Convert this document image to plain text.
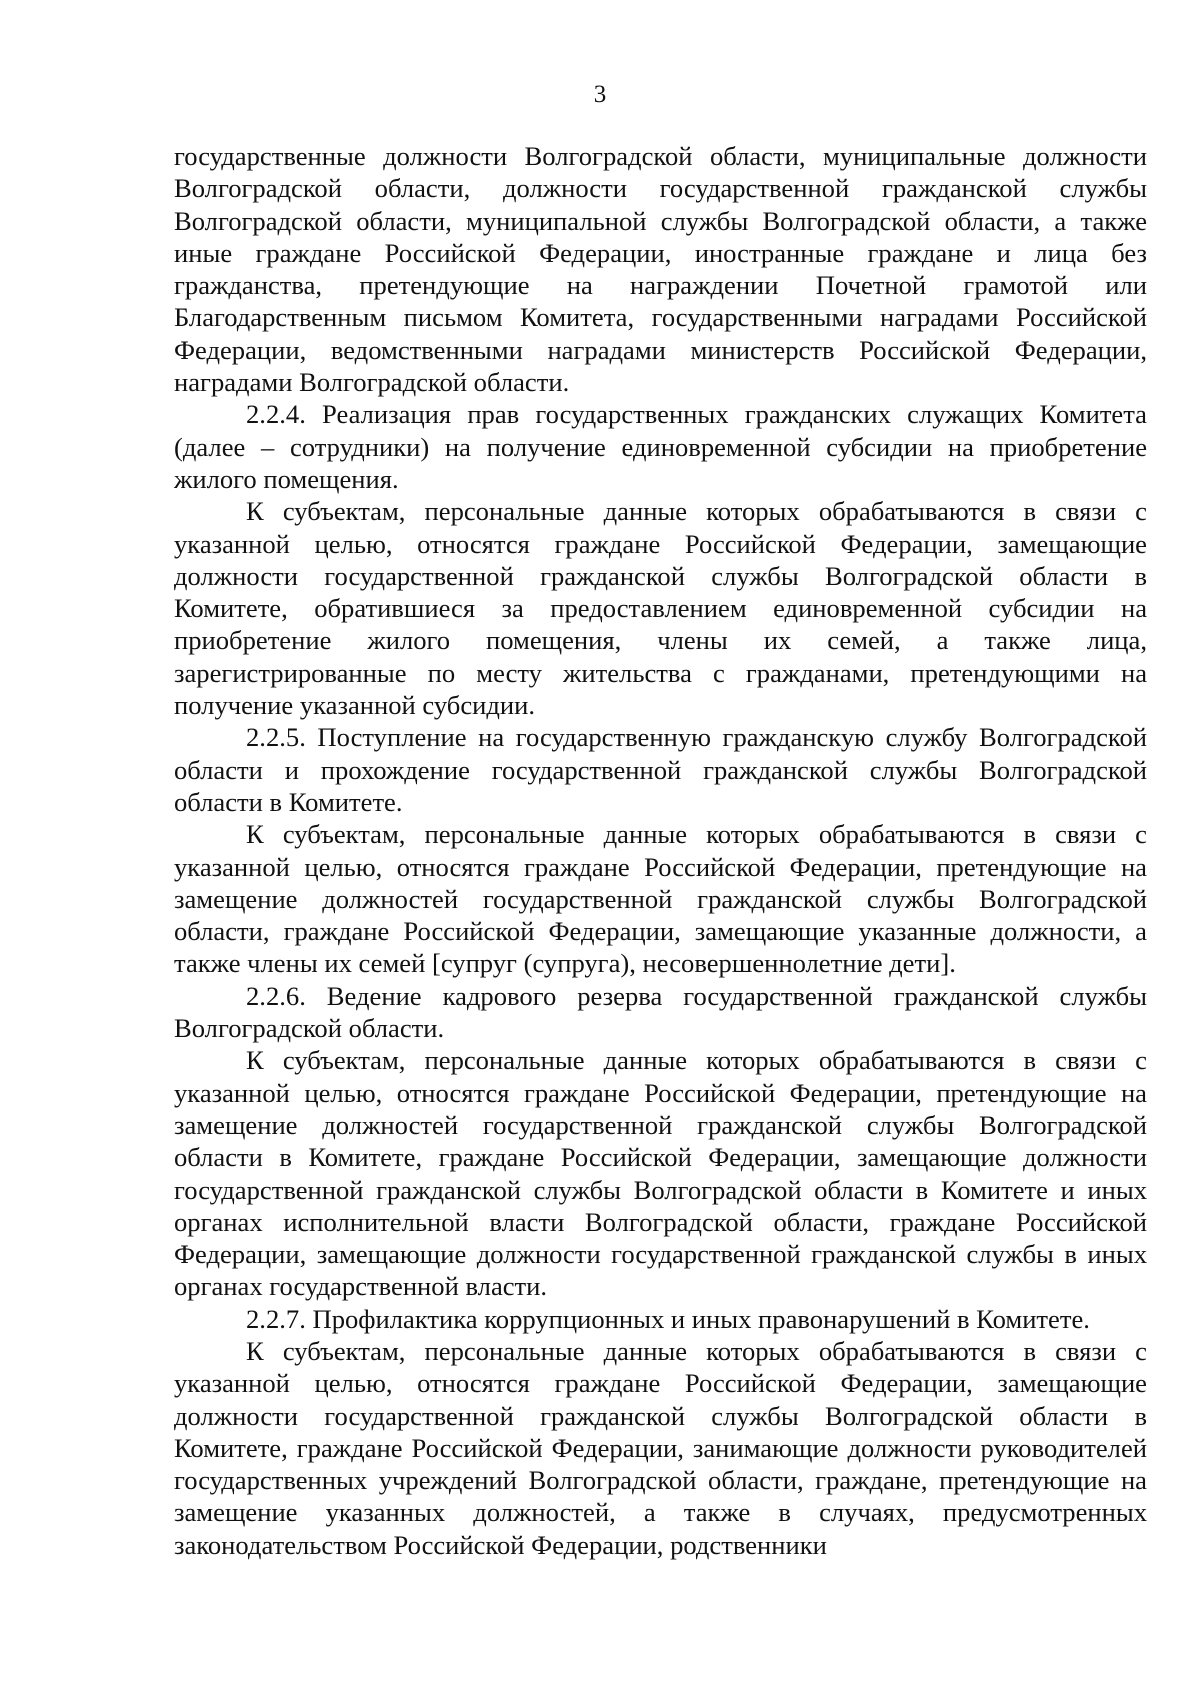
3

государственные должности Волгоградской области, муниципальные должности Волгоградской области, должности государственной гражданской службы Волгоградской области, муниципальной службы Волгоградской области, а также иные граждане Российской Федерации, иностранные граждане и лица без гражданства, претендующие на награждении Почетной грамотой или Благодарственным письмом Комитета, государственными наградами Российской Федерации, ведомственными наградами министерств Российской Федерации, наградами Волгоградской области.

2.2.4. Реализация прав государственных гражданских служащих Комитета (далее – сотрудники) на получение единовременной субсидии на приобретение жилого помещения.

К субъектам, персональные данные которых обрабатываются в связи с указанной целью, относятся граждане Российской Федерации, замещающие должности государственной гражданской службы Волгоградской области в Комитете, обратившиеся за предоставлением единовременной субсидии на приобретение жилого помещения, члены их семей, а также лица, зарегистрированные по месту жительства с гражданами, претендующими на получение указанной субсидии.

2.2.5. Поступление на государственную гражданскую службу Волгоградской области и прохождение государственной гражданской службы Волгоградской области в Комитете.

К субъектам, персональные данные которых обрабатываются в связи с указанной целью, относятся граждане Российской Федерации, претендующие на замещение должностей государственной гражданской службы Волгоградской области, граждане Российской Федерации, замещающие указанные должности, а также члены их семей [супруг (супруга), несовершеннолетние дети].

2.2.6. Ведение кадрового резерва государственной гражданской службы Волгоградской области.

К субъектам, персональные данные которых обрабатываются в связи с указанной целью, относятся граждане Российской Федерации, претендующие на замещение должностей государственной гражданской службы Волгоградской области в Комитете, граждане Российской Федерации, замещающие должности государственной гражданской службы Волгоградской области в Комитете и иных органах исполнительной власти Волгоградской области, граждане Российской Федерации, замещающие должности государственной гражданской службы в иных органах государственной власти.

2.2.7. Профилактика коррупционных и иных правонарушений в Комитете.

К субъектам, персональные данные которых обрабатываются в связи с указанной целью, относятся граждане Российской Федерации, замещающие должности государственной гражданской службы Волгоградской области в Комитете, граждане Российской Федерации, занимающие должности руководителей государственных учреждений Волгоградской области, граждане, претендующие на замещение указанных должностей, а также в случаях, предусмотренных законодательством Российской Федерации, родственники
